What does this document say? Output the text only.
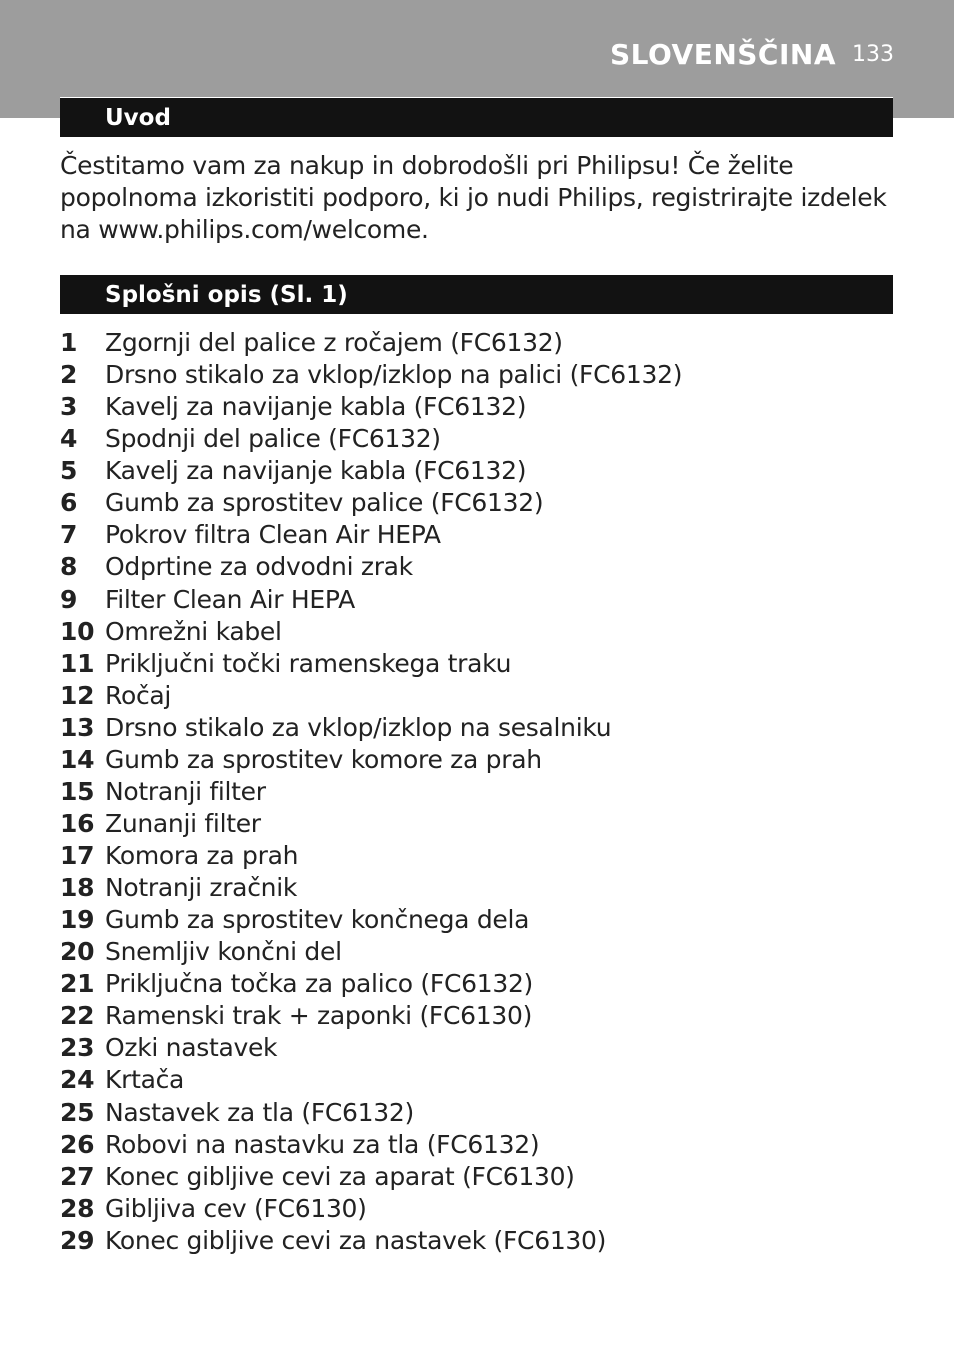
SLOVENŠČINA 133
Uvod
Čestitamo vam za nakup in dobrodošli pri Philipsu! Če želite popolnoma izkoristiti podporo, ki jo nudi Philips, registrirajte izdelek na www.philips.com/welcome.
Splošni opis (Sl. 1)
1	Zgornji del palice z ročajem (FC6132)
2	Drsno stikalo za vklop/izklop na palici (FC6132)
3	Kavelj za navijanje kabla (FC6132)
4	Spodnji del palice (FC6132)
5	Kavelj za navijanje kabla (FC6132)
6	Gumb za sprostitev palice (FC6132)
7	Pokrov filtra Clean Air HEPA
8	Odprtine za odvodni zrak
9	Filter Clean Air HEPA
10 Omrežni kabel
11 Priključni točki ramenskega traku
12 Ročaj
13 Drsno stikalo za vklop/izklop na sesalniku
14 Gumb za sprostitev komore za prah
15 Notranji filter
16 Zunanji filter
17 Komora za prah
18 Notranji zračnik
19 Gumb za sprostitev končnega dela
20 Snemljiv končni del
21 Priključna točka za palico (FC6132)
22 Ramenski trak + zaponki (FC6130)
23 Ozki nastavek
24 Krtača
25 Nastavek za tla (FC6132)
26 Robovi na nastavku za tla (FC6132)
27 Konec gibljive cevi za aparat (FC6130)
28 Gibljiva cev (FC6130)
29 Konec gibljive cevi za nastavek (FC6130)
